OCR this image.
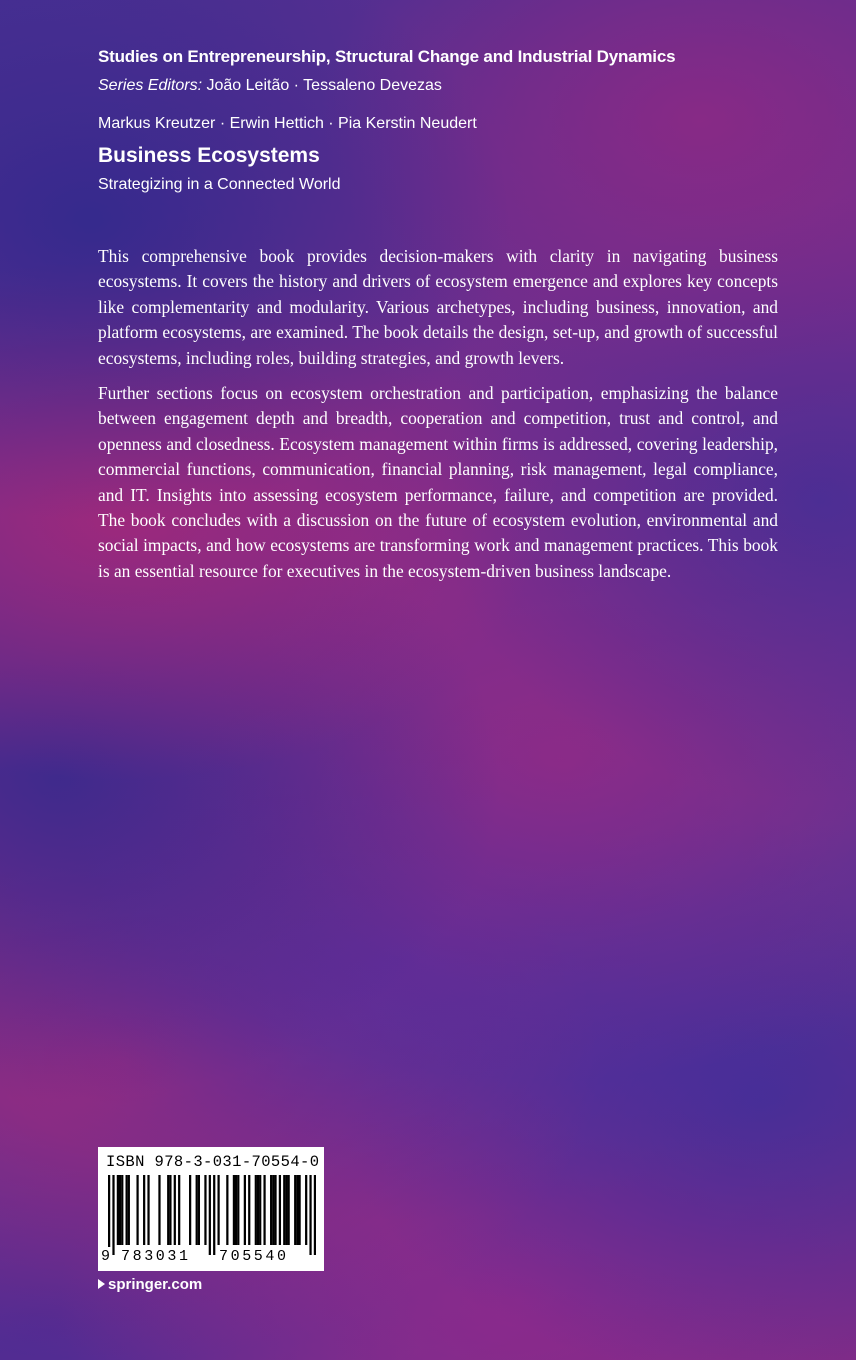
Studies on Entrepreneurship, Structural Change and Industrial Dynamics
Series Editors: João Leitão · Tessaleno Devezas
Markus Kreutzer · Erwin Hettich · Pia Kerstin Neudert
Business Ecosystems
Strategizing in a Connected World

This comprehensive book provides decision-makers with clarity in navigating business ecosystems. It covers the history and drivers of ecosystem emergence and explores key concepts like complementarity and modularity. Various archetypes, including business, innovation, and platform ecosystems, are examined. The book details the design, set-up, and growth of successful ecosystems, including roles, building strategies, and growth levers.

Further sections focus on ecosystem orchestration and participation, emphasizing the balance between engagement depth and breadth, cooperation and competition, trust and control, and openness and closedness. Ecosystem management within firms is addressed, covering leadership, commercial functions, communication, financial planning, risk management, legal compliance, and IT. Insights into assessing ecosystem performance, failure, and competition are provided. The book concludes with a discussion on the future of ecosystem evolution, environmental and social impacts, and how ecosystems are transforming work and management practices. This book is an essential resource for executives in the ecosystem-driven business landscape.

ISBN 978-3-031-70554-0
9 783031 705540
springer.com
